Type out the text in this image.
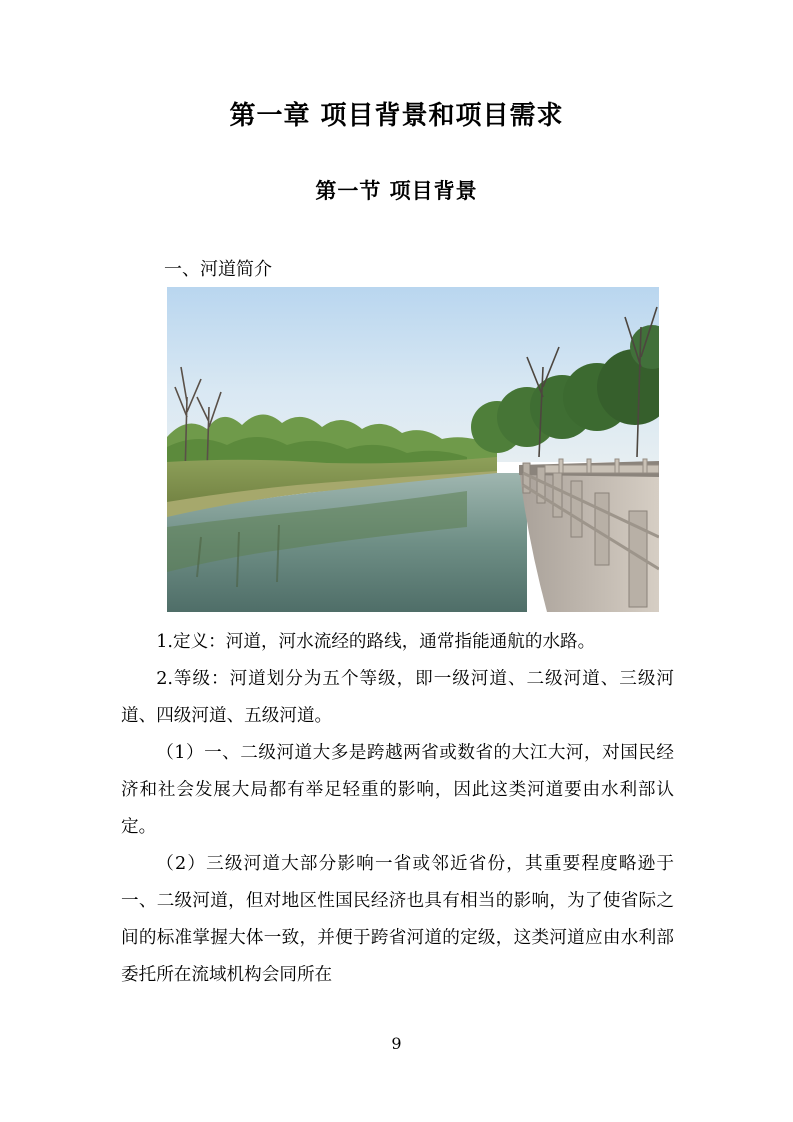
第一章 项目背景和项目需求
第一节 项目背景
一、河道简介

1.定义：河道，河水流经的路线，通常指能通航的水路。

2.等级：河道划分为五个等级，即一级河道、二级河道、三级河道、四级河道、五级河道。

（1）一、二级河道大多是跨越两省或数省的大江大河，对国民经济和社会发展大局都有举足轻重的影响，因此这类河道要由水利部认定。

（2）三级河道大部分影响一省或邻近省份，其重要程度略逊于一、二级河道，但对地区性国民经济也具有相当的影响，为了使省际之间的标准掌握大体一致，并便于跨省河道的定级，这类河道应由水利部委托所在流域机构会同所在

9
